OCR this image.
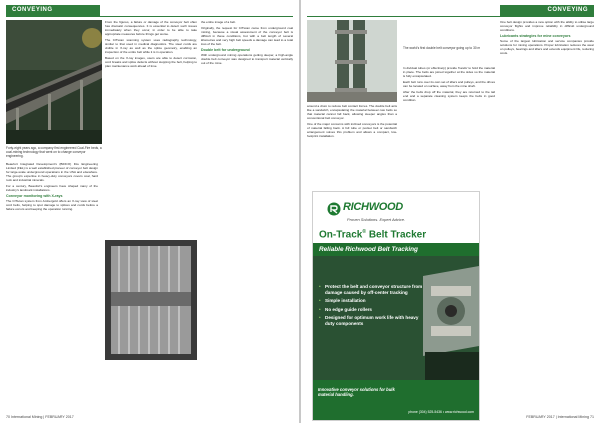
CONVEYING
Forty-eight years ago, a company first engineered Coal-Fire beds, a coal-mining technology that went on to change conveyor engineering.

Beaufort Integrated Development's (BIDCO) Fire Engineering Limited (FEL) is a well established pioneer of conveyor belt design for large-scale underground operations in the USA and elsewhere. The group's expertise in heavy-duty conveyors covers coal, hard rock and industrial minerals.

For a century, Beaufort's engineers have shaped many of the industry's landmark installations.

Conveyor monitoring with X-rays

The CITscan system from Ambergold offers an X-ray view of steel cord belts, helping to spot damage to splices and cords before a failure occurs and keeping the operation running.

From the figures, a failure or damage of the conveyor belt often has dramatic consequences. It is essential to detect such issues immediately when they occur, in order to be able to take appropriate measures before things get worse.

The CITscan scanning system uses radiography technology, similar to that used in medical diagnostics. The steel cords are visible in X-ray as well as the splice geometry, enabling an inspection of the entire belt while it is in operation.

Based on the X-ray images, users are able to detect corrosion, cord breaks and splice defects without stopping the belt, helping to plan maintenance work ahead of time.

the entire image of a belt.

Originally, the request for CITscan came from underground coal mining, because a visual assessment of the conveyor belt is difficult in these conditions, but with a belt length of several kilometres and very high belt speeds a damage can lead to a total loss of the belt.

Double belt for underground

With underground mining operations getting deeper, a high-angle double belt conveyor was designed to transport material vertically out of the mine.

70 International Mining | FEBRUARY 2017
CONVEYING
The world's first double belt conveyor going up to 30 m

around a drum to reduce belt contact forces. The double belt acts like a sandwich, encapsulating the material between two belts so that material cannot fall back, allowing steeper angles than a conventional belt conveyor.

One of the major concerns with inclined conveyors is the potential of material falling back. A full tube or pocket belt or sandwich arrangement solves this problem and allows a compact, low-footprint installation.

In dividual tubes (or effectively) provide 'hands' to hold the material in place. The belts are joined together at the sides so the material is fully encapsulated.

Each belt runs over its own set of idlers and pulleys, and the drives can be located on surface, away from the mine shaft.

After the belts drop off the material, they are returned to the tail end and a separate cleaning system keeps the belts in good condition.

One belt design provides a new option with the ability to utilise large conveyor flights and improve reliability in difficult underground conditions.

Lubricants strategies for mine conveyors

Some of the largest lubrication and service companies provide solutions for mining operations. Proper lubrication reduces the wear on pulleys, bearings and idlers and extends equipment life, reducing costs.

FEBRUARY 2017 | International Mining 71
RICHWOOD
Proven Solutions. Expert Advice.
On-Track® Belt Tracker
Reliable Richwood Belt Tracking
• Protect the belt and conveyor structure from damage caused by off-center tracking
• Simple installation
• No edge guide rollers
• Designed for optimum work life with heavy duty components
Innovative conveyor solutions for bulk material handling.
phone (304) 525-5436 • www.richwood.com
